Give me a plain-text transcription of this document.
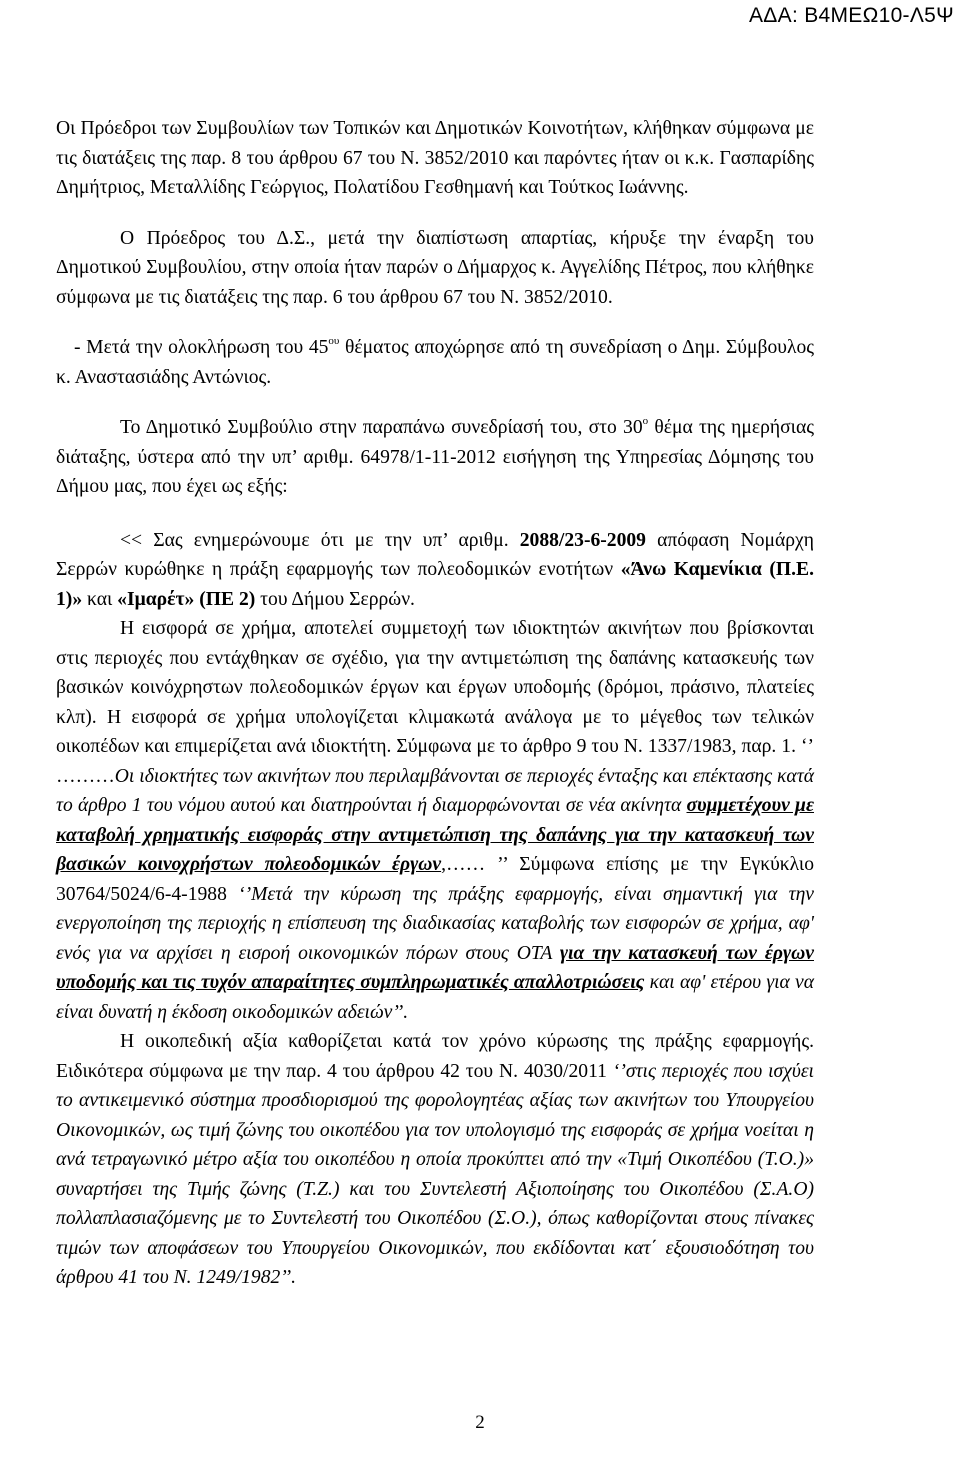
ΑΔΑ: Β4ΜΕΩ10-Λ5Ψ

Οι Πρόεδροι των Συμβουλίων των Τοπικών και Δημοτικών Κοινοτήτων, κλήθηκαν σύμφωνα με τις διατάξεις της παρ. 8 του άρθρου 67 του Ν. 3852/2010 και παρόντες ήταν οι κ.κ. Γασπαρίδης Δημήτριος, Μεταλλίδης Γεώργιος, Πολατίδου Γεσθημανή και Τούτκος Ιωάννης.

Ο Πρόεδρος του Δ.Σ., μετά την διαπίστωση απαρτίας, κήρυξε την έναρξη του Δημοτικού Συμβουλίου, στην οποία ήταν παρών ο Δήμαρχος κ. Αγγελίδης Πέτρος, που κλήθηκε σύμφωνα με τις διατάξεις της παρ. 6 του άρθρου 67 του Ν. 3852/2010.

- Μετά την ολοκλήρωση του $45^{o\upsilon}$ θέματος αποχώρησε από τη συνεδρίαση ο Δημ. Σύμβουλος κ. Αναστασιάδης Αντώνιος.

Το Δημοτικό Συμβούλιο στην παραπάνω συνεδρίασή του, στο $30^o$ θέμα της ημερήσιας διάταξης, ύστερα από την υπ’ αριθμ. 64978/1-11-2012 εισήγηση της Υπηρεσίας Δόμησης του Δήμου μας, που έχει ως εξής:

<< Σας ενημερώνουμε ότι με την υπ’ αριθμ. 2088/23-6-2009 απόφαση Νομάρχη Σερρών κυρώθηκε η πράξη εφαρμογής των πολεοδομικών ενοτήτων «Άνω Καμενίκια (Π.Ε. 1)» και «Ιμαρέτ» (ΠΕ 2) του Δήμου Σερρών.

Η εισφορά σε χρήμα, αποτελεί συμμετοχή των ιδιοκτητών ακινήτων που βρίσκονται στις περιοχές που εντάχθηκαν σε σχέδιο, για την αντιμετώπιση της δαπάνης κατασκευής των βασικών κοινόχρηστων πολεοδομικών έργων και έργων υποδομής (δρόμοι, πράσινο, πλατείες κλπ). Η εισφορά σε χρήμα υπολογίζεται κλιμακωτά ανάλογα με το μέγεθος των τελικών οικοπέδων και επιμερίζεται ανά ιδιοκτήτη. Σύμφωνα με το άρθρο 9 του Ν. 1337/1983, παρ. 1. ‘’ ………Οι ιδιοκτήτες των ακινήτων που περιλαμβάνονται σε περιοχές ένταξης και επέκτασης κατά το άρθρο 1 του νόμου αυτού και διατηρούνται ή διαμορφώνονται σε νέα ακίνητα συμμετέχουν με καταβολή χρηματικής εισφοράς στην αντιμετώπιση της δαπάνης για την κατασκευή των βασικών κοινοχρήστων πολεοδομικών έργων,…… ’’ Σύμφωνα επίσης με την Εγκύκλιο 30764/5024/6-4-1988 ‘’Μετά την κύρωση της πράξης εφαρμογής, είναι σημαντική για την ενεργοποίηση της περιοχής η επίσπευση της διαδικασίας καταβολής των εισφορών σε χρήμα, αφ' ενός για να αρχίσει η εισροή οικονομικών πόρων στους ΟΤΑ για την κατασκευή των έργων υποδομής και τις τυχόν απαραίτητες συμπληρωματικές απαλλοτριώσεις και αφ' ετέρου για να είναι δυνατή η έκδοση οικοδομικών αδειών’’.

Η οικοπεδική αξία καθορίζεται κατά τον χρόνο κύρωσης της πράξης εφαρμογής. Ειδικότερα σύμφωνα με την παρ. 4 του άρθρου 42 του Ν. 4030/2011 ‘’στις περιοχές που ισχύει το αντικειμενικό σύστημα προσδιορισμού της φορολογητέας αξίας των ακινήτων του Υπουργείου Οικονομικών, ως τιμή ζώνης του οικοπέδου για τον υπολογισμό της εισφοράς σε χρήμα νοείται η ανά τετραγωνικό μέτρο αξία του οικοπέδου η οποία προκύπτει από την «Τιμή Οικοπέδου (Τ.Ο.)» συναρτήσει της Τιμής ζώνης (Τ.Ζ.) και του Συντελεστή Αξιοποίησης του Οικοπέδου (Σ.Α.Ο) πολλαπλασιαζόμενης με το Συντελεστή του Οικοπέδου (Σ.Ο.), όπως καθορίζονται στους πίνακες τιμών των αποφάσεων του Υπουργείου Οικονομικών, που εκδίδονται κατ΄ εξουσιοδότηση του άρθρου 41 του Ν. 1249/1982’’.

2
